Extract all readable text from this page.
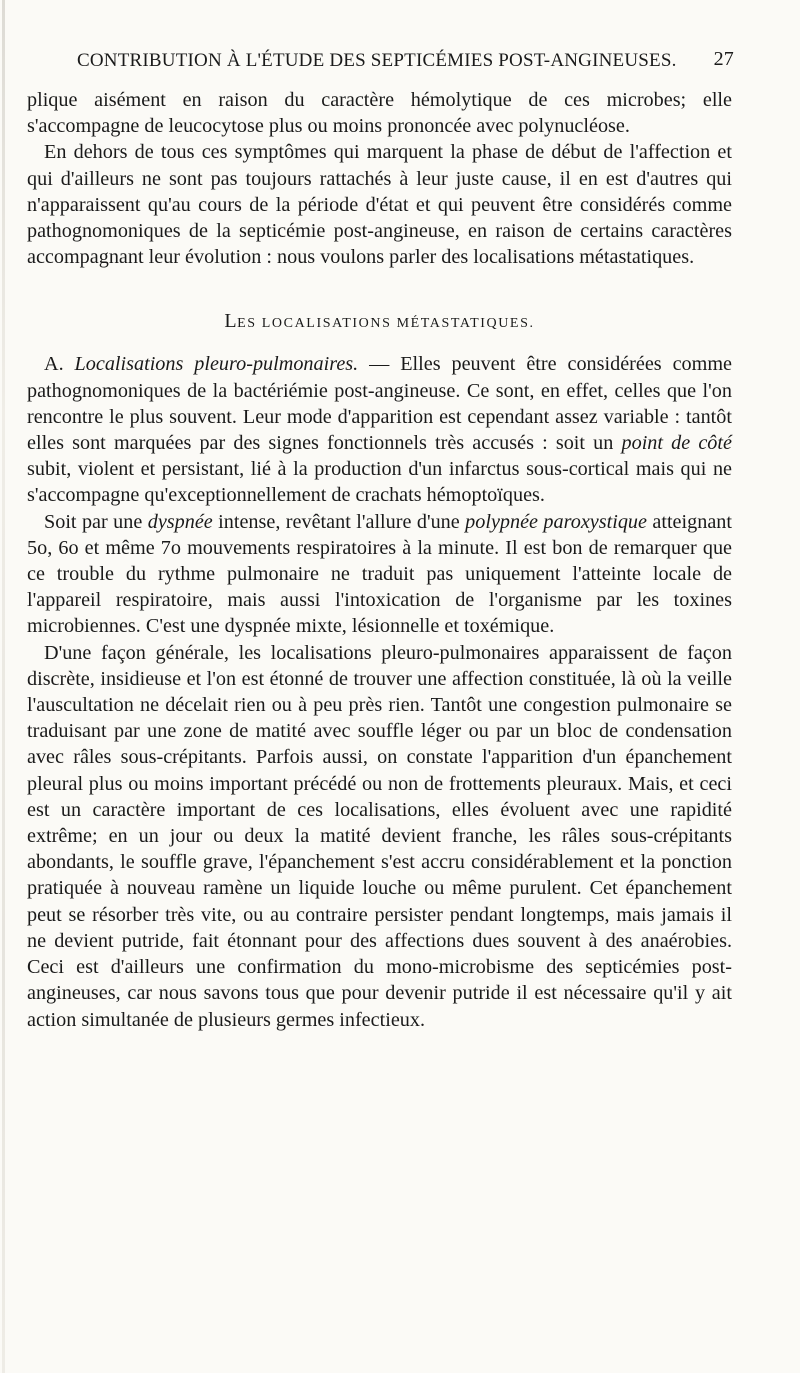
CONTRIBUTION À L'ÉTUDE DES SEPTICÉMIES POST-ANGINEUSES. 27

plique aisément en raison du caractère hémolytique de ces microbes; elle s'accompagne de leucocytose plus ou moins prononcée avec polynucléose.

En dehors de tous ces symptômes qui marquent la phase de début de l'affection et qui d'ailleurs ne sont pas toujours rattachés à leur juste cause, il en est d'autres qui n'apparaissent qu'au cours de la période d'état et qui peuvent être considérés comme pathognomoniques de la septicémie post-angineuse, en raison de certains caractères accompagnant leur évolution : nous voulons parler des localisations métastatiques.

LES LOCALISATIONS MÉTASTATIQUES.

A. Localisations pleuro-pulmonaires. — Elles peuvent être considérées comme pathognomoniques de la bactériémie post-angineuse. Ce sont, en effet, celles que l'on rencontre le plus souvent. Leur mode d'apparition est cependant assez variable : tantôt elles sont marquées par des signes fonctionnels très accusés : soit un point de côté subit, violent et persistant, lié à la production d'un infarctus sous-cortical mais qui ne s'accompagne qu'exceptionnellement de crachats hémoptoïques.

Soit par une dyspnée intense, revêtant l'allure d'une polypnée paroxystique atteignant 5o, 6o et même 7o mouvements respiratoires à la minute. Il est bon de remarquer que ce trouble du rythme pulmonaire ne traduit pas uniquement l'atteinte locale de l'appareil respiratoire, mais aussi l'intoxication de l'organisme par les toxines microbiennes. C'est une dyspnée mixte, lésionnelle et toxémique.

D'une façon générale, les localisations pleuro-pulmonaires apparaissent de façon discrète, insidieuse et l'on est étonné de trouver une affection constituée, là où la veille l'auscultation ne décelait rien ou à peu près rien. Tantôt une congestion pulmonaire se traduisant par une zone de matité avec souffle léger ou par un bloc de condensation avec râles sous-crépitants. Parfois aussi, on constate l'apparition d'un épanchement pleural plus ou moins important précédé ou non de frottements pleuraux. Mais, et ceci est un caractère important de ces localisations, elles évoluent avec une rapidité extrême; en un jour ou deux la matité devient franche, les râles sous-crépitants abondants, le souffle grave, l'épanchement s'est accru considérablement et la ponction pratiquée à nouveau ramène un liquide louche ou même purulent. Cet épanchement peut se résorber très vite, ou au contraire persister pendant longtemps, mais jamais il ne devient putride, fait étonnant pour des affections dues souvent à des anaérobies. Ceci est d'ailleurs une confirmation du mono-microbisme des septicémies post-angineuses, car nous savons tous que pour devenir putride il est nécessaire qu'il y ait action simultanée de plusieurs germes infectieux.
